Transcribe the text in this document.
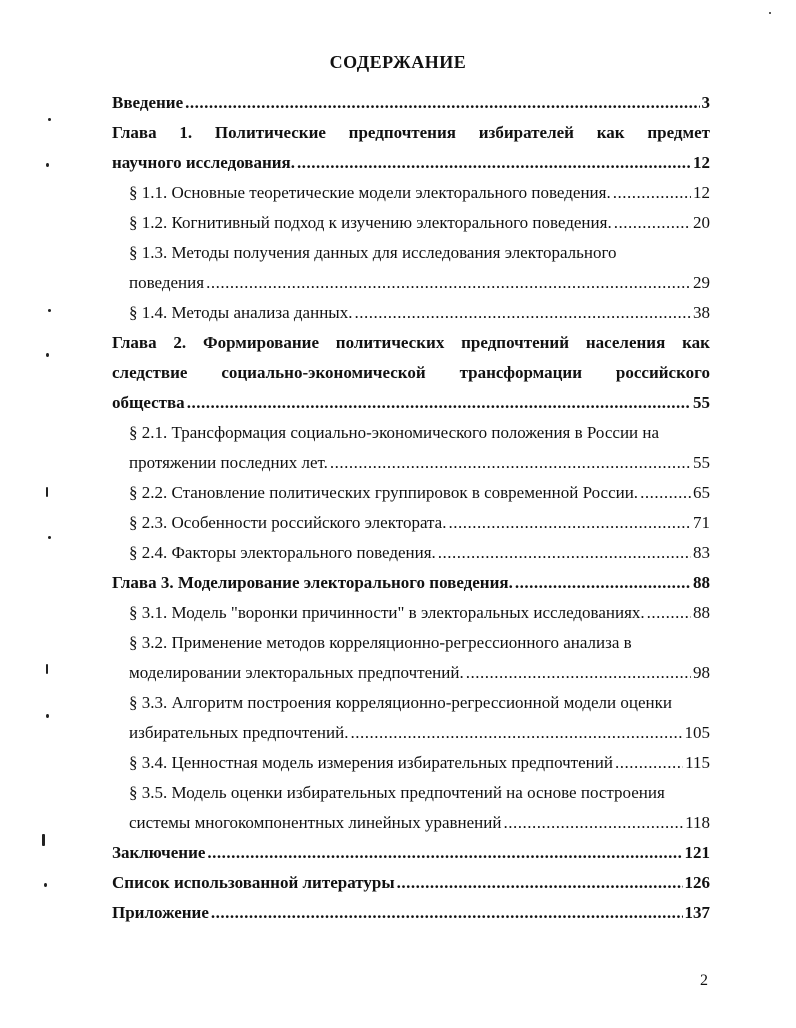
СОДЕРЖАНИЕ
Введение .....	3
Глава 1. Политические предпочтения избирателей как предмет
научного исследования. .....	12
§ 1.1. Основные теоретические модели электорального поведения. .....	12
§ 1.2. Когнитивный подход к изучению электорального поведения. .....	20
§ 1.3. Методы получения данных для исследования электорального
поведения .....	29
§ 1.4. Методы анализа данных. .....	38
Глава 2. Формирование политических предпочтений населения как
следствие социально-экономической трансформации российского
общества .....	55
§ 2.1. Трансформация социально-экономического положения в России на
протяжении последних лет. .....	55
§ 2.2. Становление политических группировок в современной России. .....	65
§ 2.3. Особенности российского электората. .....	71
§ 2.4. Факторы электорального поведения. .....	83
Глава 3. Моделирование электорального поведения. .....	88
§ 3.1. Модель "воронки причинности" в электоральных исследованиях. .....	88
§ 3.2. Применение методов корреляционно-регрессионного анализа в
моделировании электоральных предпочтений. .....	98
§ 3.3. Алгоритм построения корреляционно-регрессионной модели оценки
избирательных предпочтений. .....	105
§ 3.4. Ценностная модель измерения избирательных предпочтений .....	115
§ 3.5. Модель оценки избирательных предпочтений на основе построения
системы многокомпонентных линейных уравнений .....	118
Заключение .....	121
Список использованной литературы .....	126
Приложение .....	137
2
